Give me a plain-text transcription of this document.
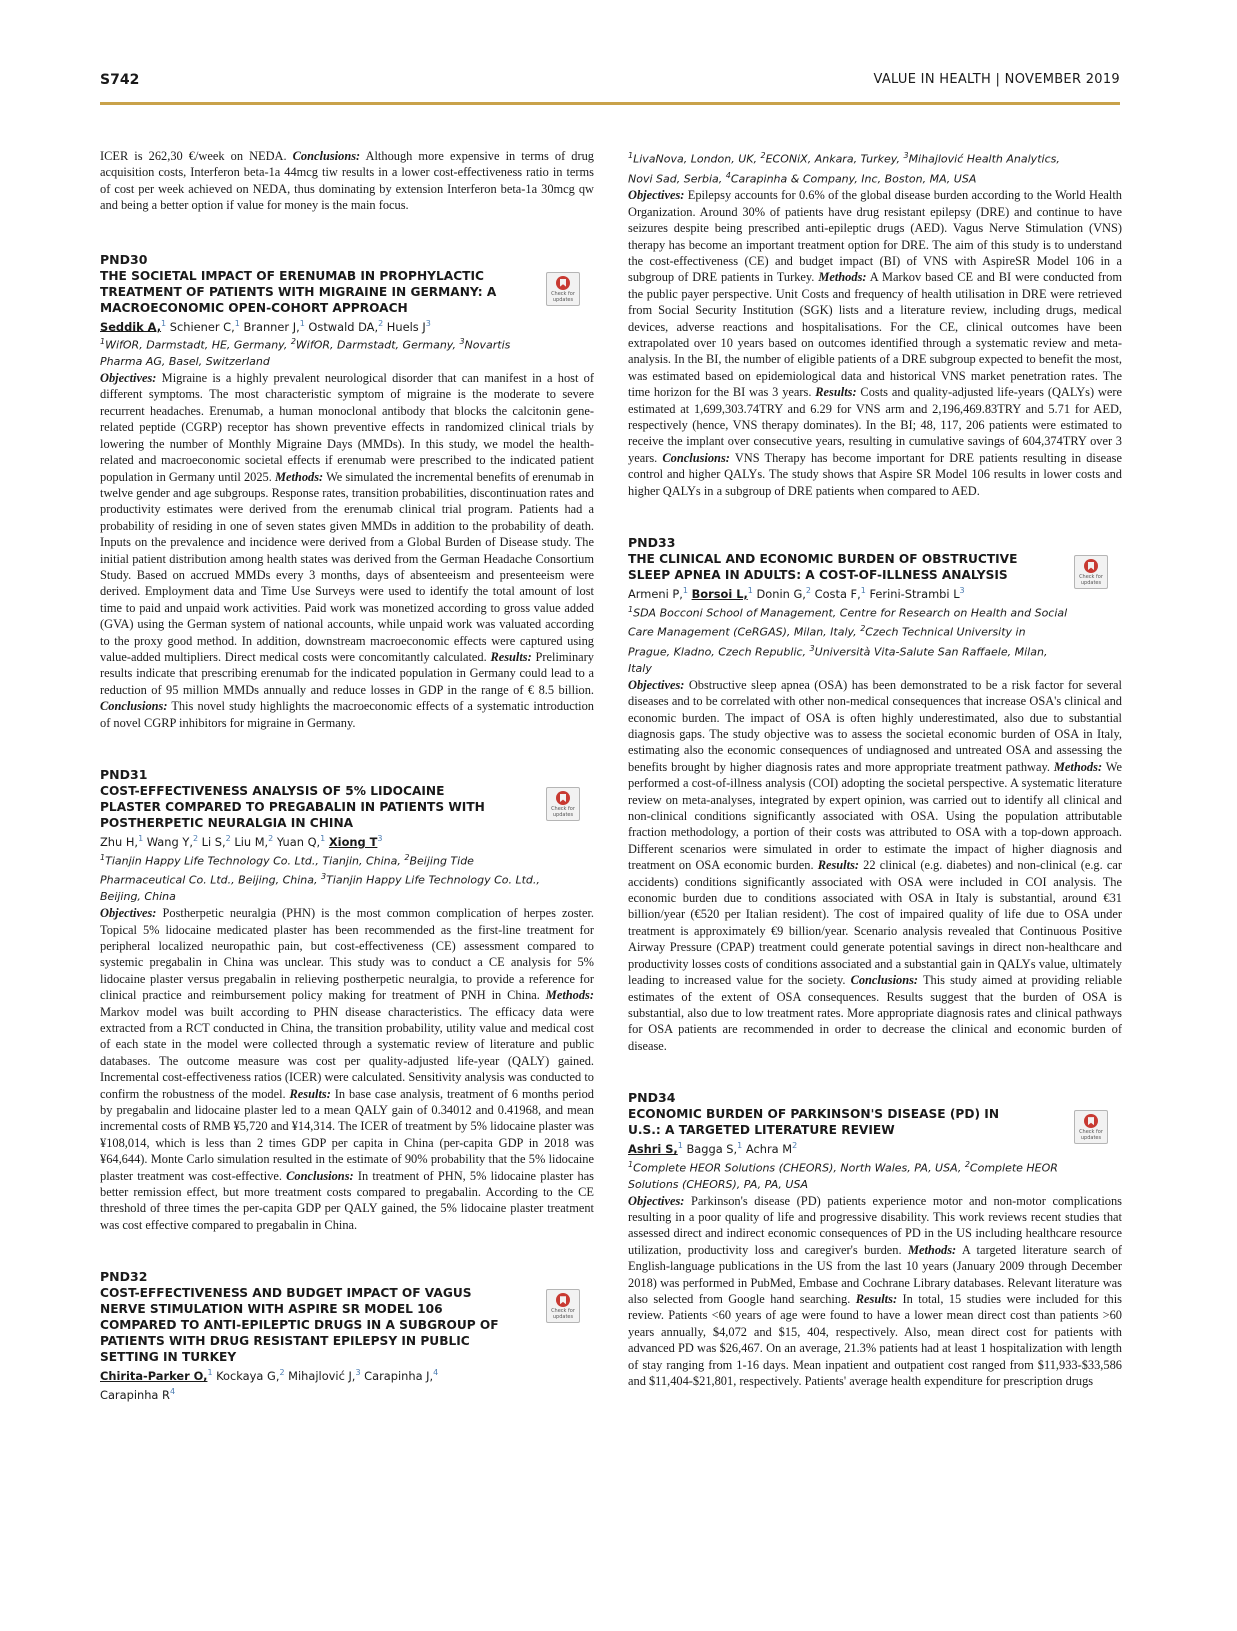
S742	VALUE IN HEALTH | NOVEMBER 2019

ICER is 262,30 €/week on NEDA. Conclusions: Although more expensive in terms of drug acquisition costs, Interferon beta-1a 44mcg tiw results in a lower cost-effectiveness ratio in terms of cost per week achieved on NEDA, thus dominating by extension Interferon beta-1a 30mcg qw and being a better option if value for money is the main focus.

Check for
updates
PND30
THE SOCIETAL IMPACT OF ERENUMAB IN PROPHYLACTIC TREATMENT OF PATIENTS WITH MIGRAINE IN GERMANY: A MACROECONOMIC OPEN-COHORT APPROACH
Seddik A,$^1$ Schiener C,$^1$ Branner J,$^1$ Ostwald DA,$^2$ Huels $J^3$
$^1$WifOR, Darmstadt, HE, Germany, $^2$WifOR, Darmstadt, Germany, $^3$Novartis Pharma AG, Basel, Switzerland

Objectives: Migraine is a highly prevalent neurological disorder that can manifest in a host of different symptoms. The most characteristic symptom of migraine is the moderate to severe recurrent headaches. Erenumab, a human monoclonal antibody that blocks the calcitonin gene-related peptide (CGRP) receptor has shown preventive effects in randomized clinical trials by lowering the number of Monthly Migraine Days (MMDs). In this study, we model the health-related and macroeconomic societal effects if erenumab were prescribed to the indicated patient population in Germany until 2025. Methods: We simulated the incremental benefits of erenumab in twelve gender and age subgroups. Response rates, transition probabilities, discontinuation rates and productivity estimates were derived from the erenumab clinical trial program. Patients had a probability of residing in one of seven states given MMDs in addition to the probability of death. Inputs on the prevalence and incidence were derived from a Global Burden of Disease study. The initial patient distribution among health states was derived from the German Headache Consortium Study. Based on accrued MMDs every 3 months, days of absenteeism and presenteeism were derived. Employment data and Time Use Surveys were used to identify the total amount of lost time to paid and unpaid work activities. Paid work was monetized according to gross value added (GVA) using the German system of national accounts, while unpaid work was valuated according to the proxy good method. In addition, downstream macroeconomic effects were captured using value-added multipliers. Direct medical costs were concomitantly calculated. Results: Preliminary results indicate that prescribing erenumab for the indicated population in Germany could lead to a reduction of 95 million MMDs annually and reduce losses in GDP in the range of € 8.5 billion. Conclusions: This novel study highlights the macroeconomic effects of a systematic introduction of novel CGRP inhibitors for migraine in Germany.

Check for
updates
PND31
COST-EFFECTIVENESS ANALYSIS OF 5% LIDOCAINE PLASTER COMPARED TO PREGABALIN IN PATIENTS WITH POSTHERPETIC NEURALGIA IN CHINA
Zhu H,$^1$ Wang Y,$^2$ Li S,$^2$ Liu M,$^2$ Yuan Q,$^1$ Xiong $T^3$
$^1$Tianjin Happy Life Technology Co. Ltd., Tianjin, China, $^2$Beijing Tide Pharmaceutical Co. Ltd., Beijing, China, $^3$Tianjin Happy Life Technology Co. Ltd., Beijing, China

Objectives: Postherpetic neuralgia (PHN) is the most common complication of herpes zoster. Topical 5% lidocaine medicated plaster has been recommended as the first-line treatment for peripheral localized neuropathic pain, but cost-effectiveness (CE) assessment compared to systemic pregabalin in China was unclear. This study was to conduct a CE analysis for 5% lidocaine plaster versus pregabalin in relieving postherpetic neuralgia, to provide a reference for clinical practice and reimbursement policy making for treatment of PNH in China. Methods: Markov model was built according to PHN disease characteristics. The efficacy data were extracted from a RCT conducted in China, the transition probability, utility value and medical cost of each state in the model were collected through a systematic review of literature and public databases. The outcome measure was cost per quality-adjusted life-year (QALY) gained. Incremental cost-effectiveness ratios (ICER) were calculated. Sensitivity analysis was conducted to confirm the robustness of the model. Results: In base case analysis, treatment of 6 months period by pregabalin and lidocaine plaster led to a mean QALY gain of 0.34012 and 0.41968, and mean incremental costs of RMB ¥5,720 and ¥14,314. The ICER of treatment by 5% lidocaine plaster was ¥108,014, which is less than 2 times GDP per capita in China (per-capita GDP in 2018 was ¥64,644). Monte Carlo simulation resulted in the estimate of 90% probability that the 5% lidocaine plaster treatment was cost-effective. Conclusions: In treatment of PHN, 5% lidocaine plaster has better remission effect, but more treatment costs compared to pregabalin. According to the CE threshold of three times the per-capita GDP per QALY gained, the 5% lidocaine plaster treatment was cost effective compared to pregabalin in China.

Check for
updates
PND32
COST-EFFECTIVENESS AND BUDGET IMPACT OF VAGUS NERVE STIMULATION WITH ASPIRE SR MODEL 106 COMPARED TO ANTI-EPILEPTIC DRUGS IN A SUBGROUP OF PATIENTS WITH DRUG RESISTANT EPILEPSY IN PUBLIC SETTING IN TURKEY
Chirita-Parker O,$^1$ Kockaya G,$^2$ Mihajlović J,$^3$ Carapinha J,$^4$
Carapinha $R^4$
$^1$LivaNova, London, UK, $^2$ECONiX, Ankara, Turkey, $^3$Mihajlović Health Analytics, Novi Sad, Serbia, $^4$Carapinha & Company, Inc, Boston, MA, USA

Objectives: Epilepsy accounts for 0.6% of the global disease burden according to the World Health Organization. Around 30% of patients have drug resistant epilepsy (DRE) and continue to have seizures despite being prescribed anti-epileptic drugs (AED). Vagus Nerve Stimulation (VNS) therapy has become an important treatment option for DRE. The aim of this study is to understand the cost-effectiveness (CE) and budget impact (BI) of VNS with AspireSR Model 106 in a subgroup of DRE patients in Turkey. Methods: A Markov based CE and BI were conducted from the public payer perspective. Unit Costs and frequency of health utilisation in DRE were retrieved from Social Security Institution (SGK) lists and a literature review, including drugs, medical devices, adverse reactions and hospitalisations. For the CE, clinical outcomes have been extrapolated over 10 years based on outcomes identified through a systematic review and meta-analysis. In the BI, the number of eligible patients of a DRE subgroup expected to benefit the most, was estimated based on epidemiological data and historical VNS market penetration rates. The time horizon for the BI was 3 years. Results: Costs and quality-adjusted life-years (QALYs) were estimated at 1,699,303.74TRY and 6.29 for VNS arm and 2,196,469.83TRY and 5.71 for AED, respectively (hence, VNS therapy dominates). In the BI; 48, 117, 206 patients were estimated to receive the implant over consecutive years, resulting in cumulative savings of 604,374TRY over 3 years. Conclusions: VNS Therapy has become important for DRE patients resulting in disease control and higher QALYs. The study shows that Aspire SR Model 106 results in lower costs and higher QALYs in a subgroup of DRE patients when compared to AED.

Check for
updates
PND33
THE CLINICAL AND ECONOMIC BURDEN OF OBSTRUCTIVE SLEEP APNEA IN ADULTS: A COST-OF-ILLNESS ANALYSIS
Armeni P,$^1$ Borsoi L,$^1$ Donin G,$^2$ Costa F,$^1$ Ferini-Strambi $L^3$
$^1$SDA Bocconi School of Management, Centre for Research on Health and Social Care Management (CeRGAS), Milan, Italy, $^2$Czech Technical University in Prague, Kladno, Czech Republic, $^3$Università Vita-Salute San Raffaele, Milan, Italy

Objectives: Obstructive sleep apnea (OSA) has been demonstrated to be a risk factor for several diseases and to be correlated with other non-medical consequences that increase OSA's clinical and economic burden. The impact of OSA is often highly underestimated, also due to substantial diagnosis gaps. The study objective was to assess the societal economic burden of OSA in Italy, estimating also the economic consequences of undiagnosed and untreated OSA and assessing the benefits brought by higher diagnosis rates and more appropriate treatment pathway. Methods: We performed a cost-of-illness analysis (COI) adopting the societal perspective. A systematic literature review on meta-analyses, integrated by expert opinion, was carried out to identify all clinical and non-clinical conditions significantly associated with OSA. Using the population attributable fraction methodology, a portion of their costs was attributed to OSA with a top-down approach. Different scenarios were simulated in order to estimate the impact of higher diagnosis and treatment on OSA economic burden. Results: 22 clinical (e.g. diabetes) and non-clinical (e.g. car accidents) conditions significantly associated with OSA were included in COI analysis. The economic burden due to conditions associated with OSA in Italy is substantial, around €31 billion/year (€520 per Italian resident). The cost of impaired quality of life due to OSA under treatment is approximately €9 billion/year. Scenario analysis revealed that Continuous Positive Airway Pressure (CPAP) treatment could generate potential savings in direct non-healthcare and productivity losses costs of conditions associated and a substantial gain in QALYs value, ultimately leading to increased value for the society. Conclusions: This study aimed at providing reliable estimates of the extent of OSA consequences. Results suggest that the burden of OSA is substantial, also due to low treatment rates. More appropriate diagnosis rates and clinical pathways for OSA patients are recommended in order to decrease the clinical and economic burden of disease.

Check for
updates
PND34
ECONOMIC BURDEN OF PARKINSON'S DISEASE (PD) IN U.S.: A TARGETED LITERATURE REVIEW
Ashri S,$^1$ Bagga S,$^1$ Achra $M^2$
$^1$Complete HEOR Solutions (CHEORS), North Wales, PA, USA, $^2$Complete HEOR Solutions (CHEORS), PA, PA, USA

Objectives: Parkinson's disease (PD) patients experience motor and non-motor complications resulting in a poor quality of life and progressive disability. This work reviews recent studies that assessed direct and indirect economic consequences of PD in the US including healthcare resource utilization, productivity loss and caregiver's burden. Methods: A targeted literature search of English-language publications in the US from the last 10 years (January 2009 through December 2018) was performed in PubMed, Embase and Cochrane Library databases. Relevant literature was also selected from Google hand searching. Results: In total, 15 studies were included for this review. Patients <60 years of age were found to have a lower mean direct cost than patients >60 years annually, $4,072 and $15, 404, respectively. Also, mean direct cost for patients with advanced PD was $26,467. On an average, 21.3% patients had at least 1 hospitalization with length of stay ranging from 1-16 days. Mean inpatient and outpatient cost ranged from $11,933-$33,586 and $11,404-$21,801, respectively. Patients' average health expenditure for prescription drugs
